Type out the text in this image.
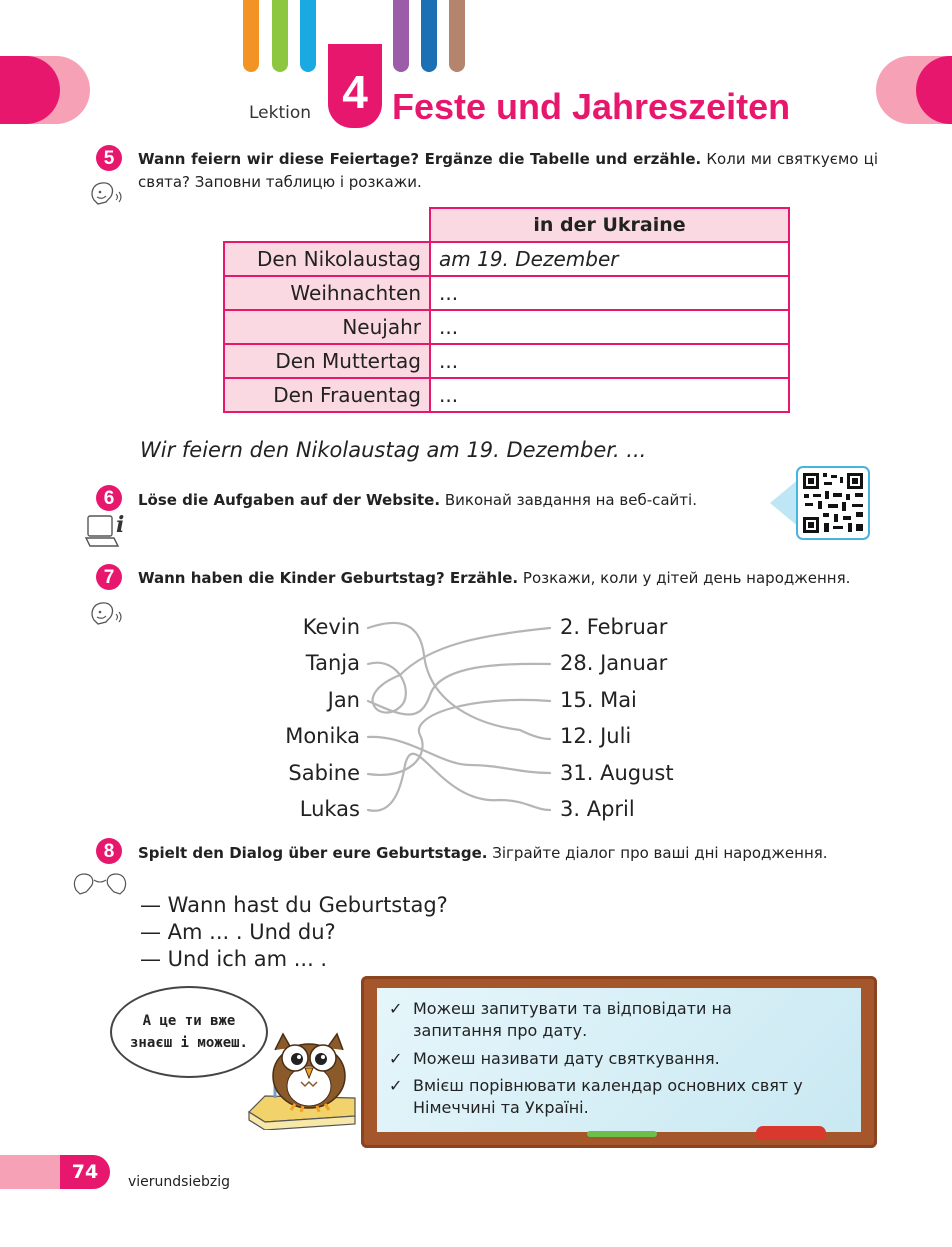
Lektion 4 Feste und Jahreszeiten
5	Wann feiern wir diese Feiertage? Ergänze die Tabelle und erzähle. Коли ми святкуємо ці свята? Заповни таблицю і розкажи.
	in der Ukraine
Den Nikolaustag	am 19. Dezember
Weihnachten	...
Neujahr	...
Den Muttertag	...
Den Frauentag	...
Wir feiern den Nikolaustag am 19. Dezember. ...
6
i
Löse die Aufgaben auf der Website. Виконай завдання на веб-сайті.
7	Wann haben die Kinder Geburtstag? Erzähle. Розкажи, коли у дітей день народження.
Kevin
Tanja
Jan
Monika
Sabine
Lukas
2. Februar
28. Januar
15. Mai
12. Juli
31. August
3. April
8	Spielt den Dialog über eure Geburtstage. Зіграйте діалог про ваші дні народження.
— Wann hast du Geburtstag?
— Am ... . Und du?
— Und ich am ... .
А це ти вже
знаєш і можеш.
✓ Можеш запитувати та відповідати на запитання про дату.
✓ Можеш називати дату святкування.
✓ Вмієш порівнювати календар основних свят у Німеччині та Україні.
74	vierundsiebzig
